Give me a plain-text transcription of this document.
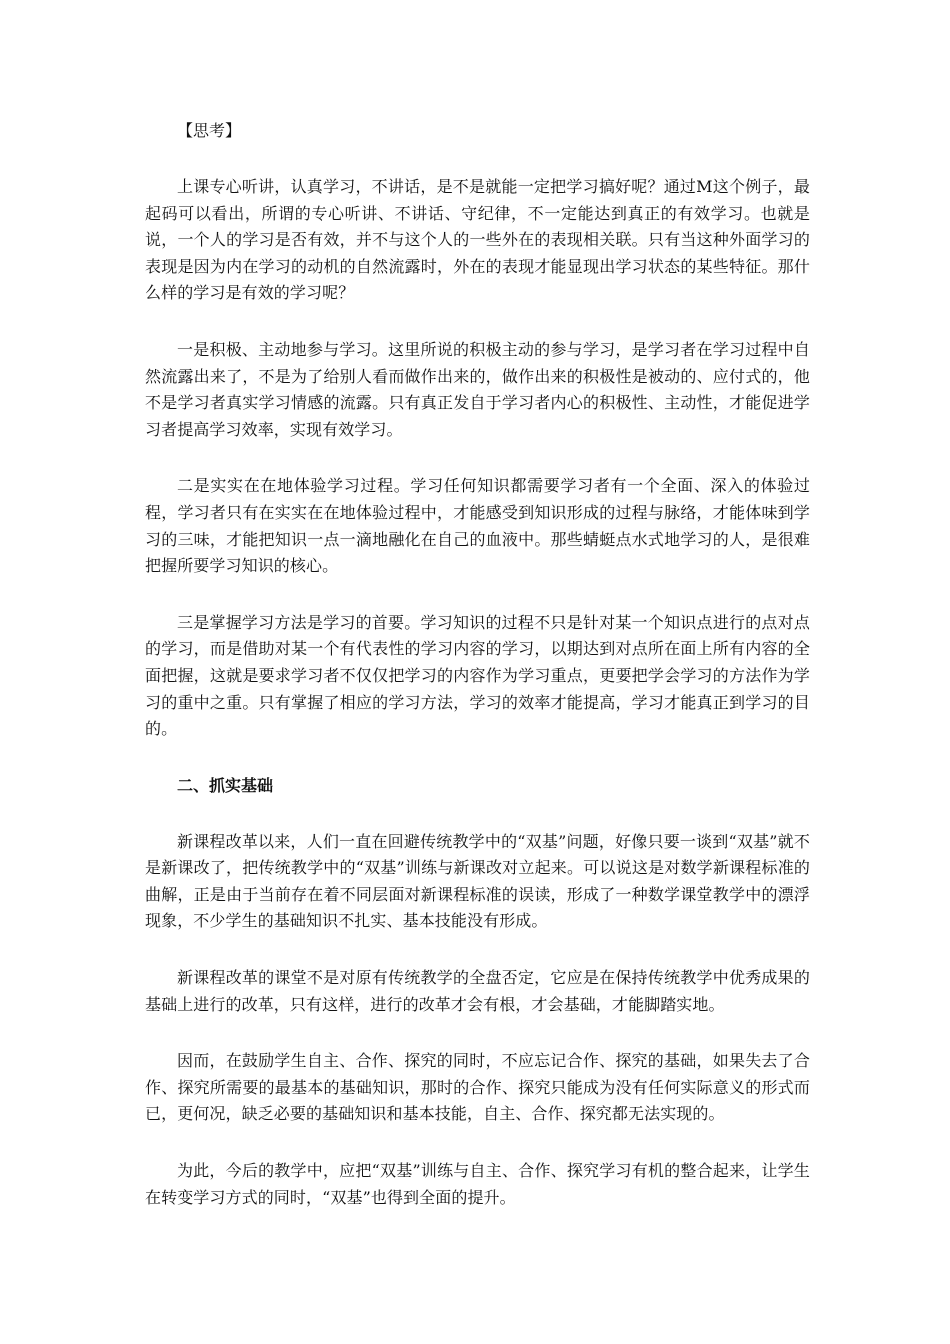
【思考】

上课专心听讲，认真学习，不讲话，是不是就能一定把学习搞好呢？通过M这个例子，最起码可以看出，所谓的专心听讲、不讲话、守纪律，不一定能达到真正的有效学习。也就是说，一个人的学习是否有效，并不与这个人的一些外在的表现相关联。只有当这种外面学习的表现是因为内在学习的动机的自然流露时，外在的表现才能显现出学习状态的某些特征。那什么样的学习是有效的学习呢？

一是积极、主动地参与学习。这里所说的积极主动的参与学习，是学习者在学习过程中自然流露出来了，不是为了给别人看而做作出来的，做作出来的积极性是被动的、应付式的，他不是学习者真实学习情感的流露。只有真正发自于学习者内心的积极性、主动性，才能促进学习者提高学习效率，实现有效学习。

二是实实在在地体验学习过程。学习任何知识都需要学习者有一个全面、深入的体验过程，学习者只有在实实在在地体验过程中，才能感受到知识形成的过程与脉络，才能体味到学习的三味，才能把知识一点一滴地融化在自己的血液中。那些蜻蜓点水式地学习的人，是很难把握所要学习知识的核心。

三是掌握学习方法是学习的首要。学习知识的过程不只是针对某一个知识点进行的点对点的学习，而是借助对某一个有代表性的学习内容的学习，以期达到对点所在面上所有内容的全面把握，这就是要求学习者不仅仅把学习的内容作为学习重点，更要把学会学习的方法作为学习的重中之重。只有掌握了相应的学习方法，学习的效率才能提高，学习才能真正到学习的目的。

二、抓实基础

新课程改革以来，人们一直在回避传统教学中的“双基”问题，好像只要一谈到“双基”就不是新课改了，把传统教学中的“双基”训练与新课改对立起来。可以说这是对数学新课程标准的曲解，正是由于当前存在着不同层面对新课程标准的误读，形成了一种数学课堂教学中的漂浮现象，不少学生的基础知识不扎实、基本技能没有形成。

新课程改革的课堂不是对原有传统教学的全盘否定，它应是在保持传统教学中优秀成果的基础上进行的改革，只有这样，进行的改革才会有根，才会基础，才能脚踏实地。

因而，在鼓励学生自主、合作、探究的同时，不应忘记合作、探究的基础，如果失去了合作、探究所需要的最基本的基础知识，那时的合作、探究只能成为没有任何实际意义的形式而已，更何况，缺乏必要的基础知识和基本技能，自主、合作、探究都无法实现的。

为此，今后的教学中，应把“双基”训练与自主、合作、探究学习有机的整合起来，让学生在转变学习方式的同时，“双基”也得到全面的提升。
